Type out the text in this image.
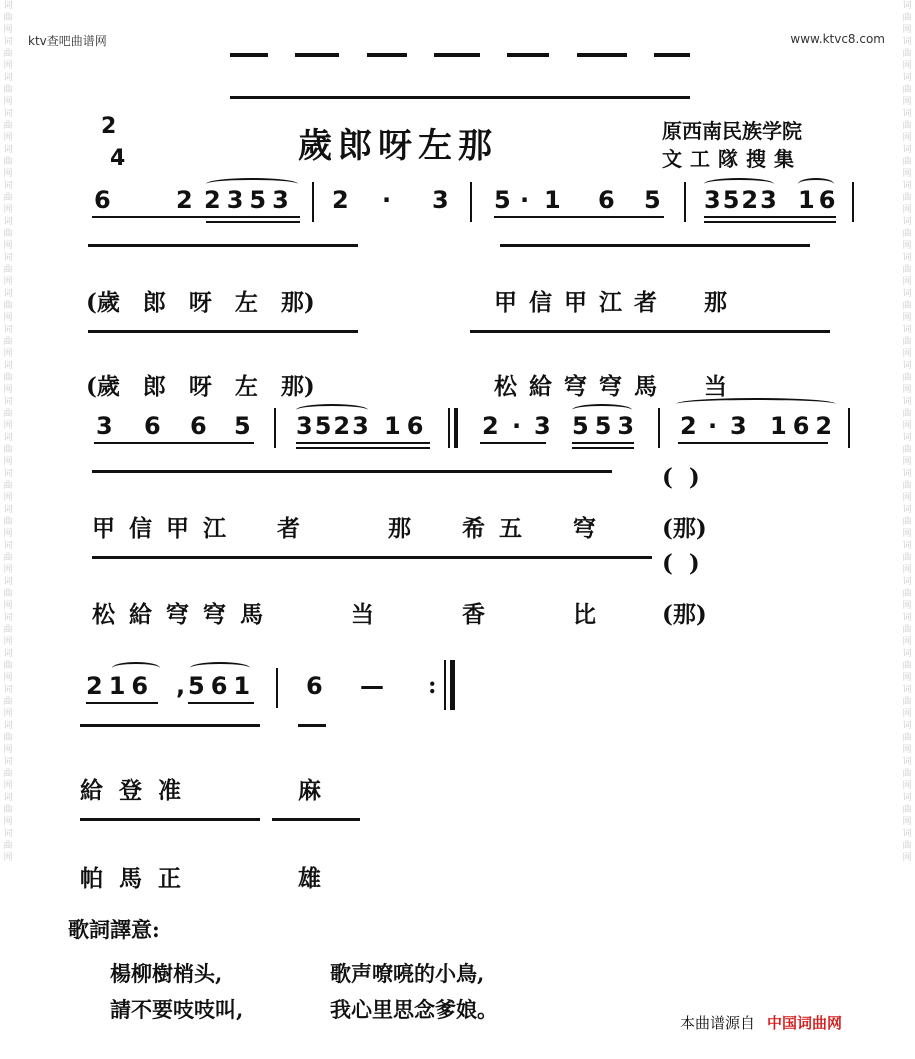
词曲网词曲网词曲网词曲网词曲网词曲网词曲网词曲网词曲网词曲网词曲网词曲网词曲网词曲网词曲网词曲网词曲网词曲网词曲网词曲网词曲网词曲网词曲网词曲网
词曲网词曲网词曲网词曲网词曲网词曲网词曲网词曲网词曲网词曲网词曲网词曲网词曲网词曲网词曲网词曲网词曲网词曲网词曲网词曲网词曲网词曲网词曲网词曲网
ktv查吧曲谱网	www.ktvc8.com
2
4	歲郎呀左那	原西南民族学院
文工隊搜集
6	2 2353 2 · 3 5 · 1 6 5 3523 16
(歲　郎　呀　左　那)	甲信甲江者　那
(歲　郎　呀　左　那)	松給穹穹馬　当
3 6 6 5 3523 16 2 · 3 553 2 · 3 162
(  )
甲信甲江　者　　那　希五　穹 (那)
(  )
松給穹穹馬　　当　　香　　比 (那)
216 , 561 6 — :
給登准	麻
帕馬正	雄
歌詞譯意:
楊柳樹梢头,	歌声嘹喨的小鳥,
請不要吱吱叫,	我心里思念爹娘。
本曲谱源自 中国词曲网
